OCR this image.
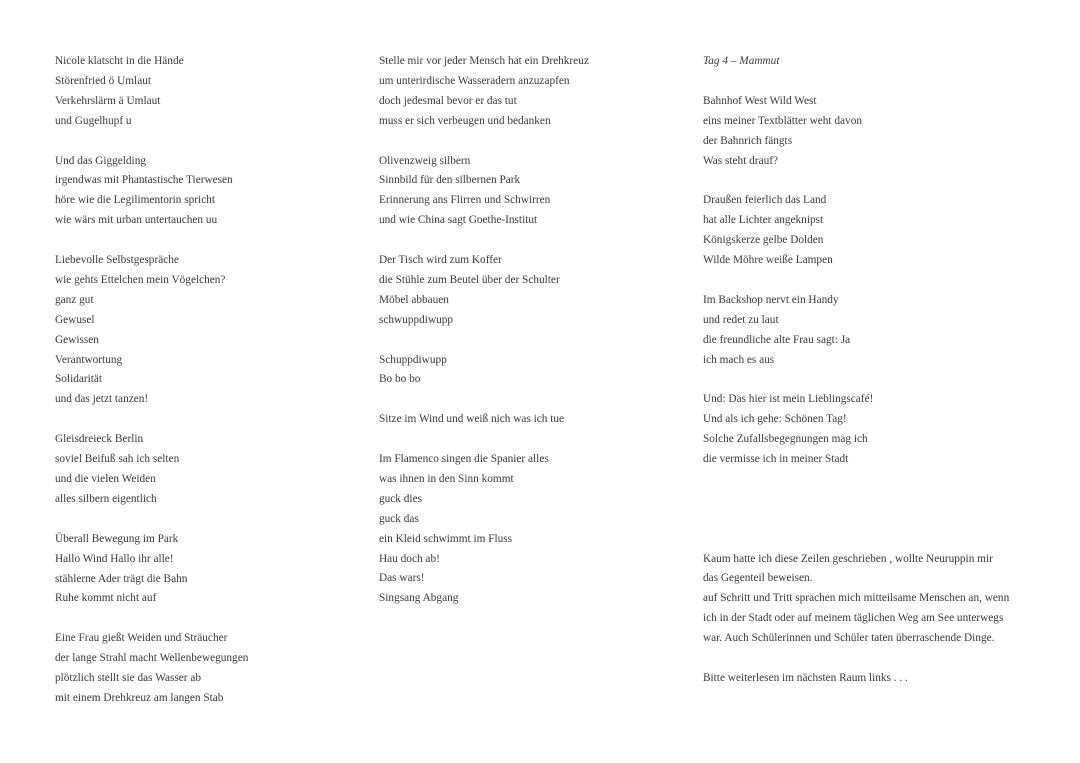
Nicole klatscht in die Hände
Störenfried ö Umlaut
Verkehrslärm ä Umlaut
und Gugelhupf u
Und das Giggelding
irgendwas mit Phantastische Tierwesen
höre wie die Legilimentorin spricht
wie wärs mit urban untertauchen uu
Liebevolle Selbstgespräche
wie gehts Ettelchen mein Vögelchen?
ganz gut
Gewusel
Gewissen
Verantwortung
Solidarität
und das jetzt tanzen!
Gleisdreieck Berlin
soviel Beifuß sah ich selten
und die vielen Weiden
alles silbern eigentlich
Überall Bewegung im Park
Hallo Wind Hallo ihr alle!
stählerne Ader trägt die Bahn
Ruhe kommt nicht auf
Eine Frau gießt Weiden und Sträucher
der lange Strahl macht Wellenbewegungen
plötzlich stellt sie das Wasser ab
mit einem Drehkreuz am langen Stab
Stelle mir vor jeder Mensch hat ein Drehkreuz
um unterirdische Wasseradern anzuzapfen
doch jedesmal bevor er das tut
muss er sich verbeugen und bedanken
Olivenzweig silbern
Sinnbild für den silbernen Park
Erinnerung ans Flirren und Schwirren
und wie China sagt Goethe-Institut
Der Tisch wird zum Koffer
die Stühle zum Beutel über der Schulter
Möbel abbauen
schwuppdiwupp
Schuppdiwupp
Bo bo bo
Sitze im Wind und weiß nich was ich tue
Im Flamenco singen die Spanier alles
was ihnen in den Sinn kommt
guck dies
guck das
ein Kleid schwimmt im Fluss
Hau doch ab!
Das wars!
Singsang Abgang
Tag 4 – Mammut
Bahnhof West Wild West
eins meiner Textblätter weht davon
der Bahnrich fängts
Was steht drauf?
Draußen feierlich das Land
hat alle Lichter angeknipst
Königskerze gelbe Dolden
Wilde Möhre weiße Lampen
Im Backshop nervt ein Handy
und redet zu laut
die freundliche alte Frau sagt: Ja
ich mach es aus
Und: Das hier ist mein Lieblingscafé!
Und als ich gehe: Schönen Tag!
Solche Zufallsbegegnungen mag ich
die vermisse ich in meiner Stadt
Kaum hatte ich diese Zeilen geschrieben , wollte Neuruppin mir
das Gegenteil beweisen.
auf Schritt und Tritt sprachen mich mitteilsame Menschen an, wenn
ich in der Stadt oder auf meinem täglichen Weg am See unterwegs
war. Auch Schülerinnen und Schüler taten überraschende Dinge.
Bitte weiterlesen im nächsten Raum links . . .
